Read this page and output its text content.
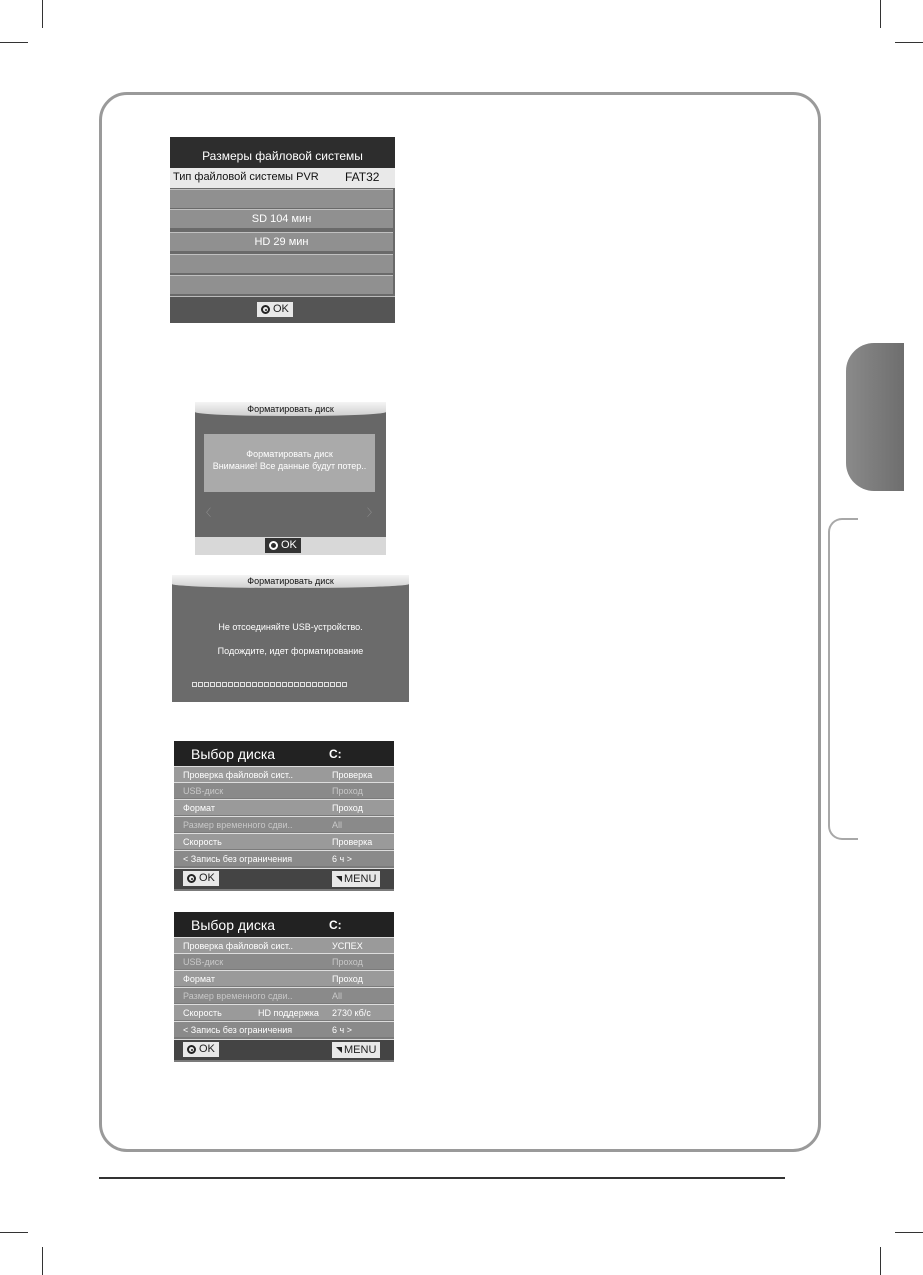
Размеры файловой системы
Тип файловой системы PVR FAT32
SD 104 мин
HD 29 мин
OK
Форматировать диск
Форматировать диск
Внимание! Все данные будут потер..
〈	〉
OK
Форматировать диск
Не отсоединяйте USB-устройство.
Подождите, идет форматирование
Выбор диска	C:
Проверка файловой сист..	Проверка
USB-диск	Проход
Формат	Проход
Размер временного сдви..	All
Скорость	Проверка
< Запись без ограничения	6 ч >
OK	MENU
Выбор диска	C:
Проверка файловой сист..	УСПЕХ
USB-диск	Проход
Формат	Проход
Размер временного сдви..	All
Скорость	HD поддержка 2730 кб/с
< Запись без ограничения	6 ч >
OK	MENU
